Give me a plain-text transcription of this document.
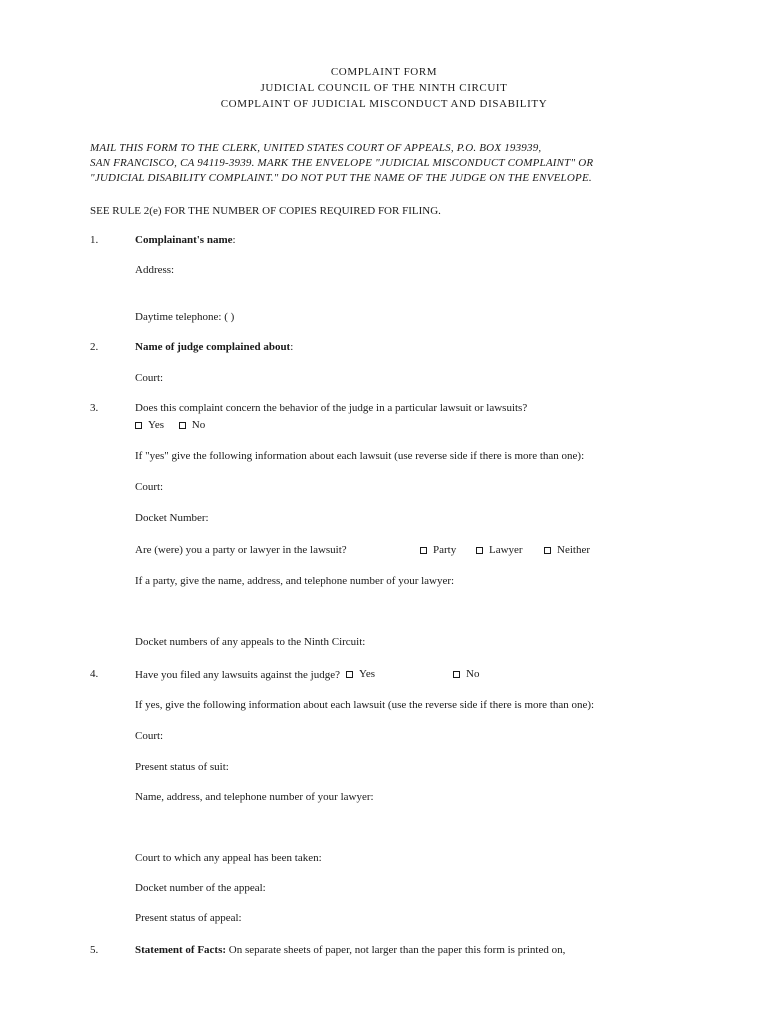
COMPLAINT FORM
JUDICIAL COUNCIL OF THE NINTH CIRCUIT
COMPLAINT OF JUDICIAL MISCONDUCT AND DISABILITY
MAIL THIS FORM TO THE CLERK, UNITED STATES COURT OF APPEALS, P.O. BOX 193939,
SAN FRANCISCO, CA 94119-3939. MARK THE ENVELOPE "JUDICIAL MISCONDUCT COMPLAINT" OR
"JUDICIAL DISABILITY COMPLAINT." DO NOT PUT THE NAME OF THE JUDGE ON THE ENVELOPE.
SEE RULE 2(e) FOR THE NUMBER OF COPIES REQUIRED FOR FILING.
1.	Complainant's name:
Address:
Daytime telephone: ( )
2.	Name of judge complained about:
Court:
3.	Does this complaint concern the behavior of the judge in a particular lawsuit or lawsuits?
Yes
	No
If "yes" give the following information about each lawsuit (use reverse side if there is more than one):
Court:
Docket Number:
Are (were) you a party or lawyer in the lawsuit?	Party	Lawyer	Neither
If a party, give the name, address, and telephone number of your lawyer:
Docket numbers of any appeals to the Ninth Circuit:
4.	Have you filed any lawsuits against the judge? Yes	No
If yes, give the following information about each lawsuit (use the reverse side if there is more than one):
Court:
Present status of suit:
Name, address, and telephone number of your lawyer:
Court to which any appeal has been taken:
Docket number of the appeal:
Present status of appeal:
5.	Statement of Facts: On separate sheets of paper, not larger than the paper this form is printed on,
